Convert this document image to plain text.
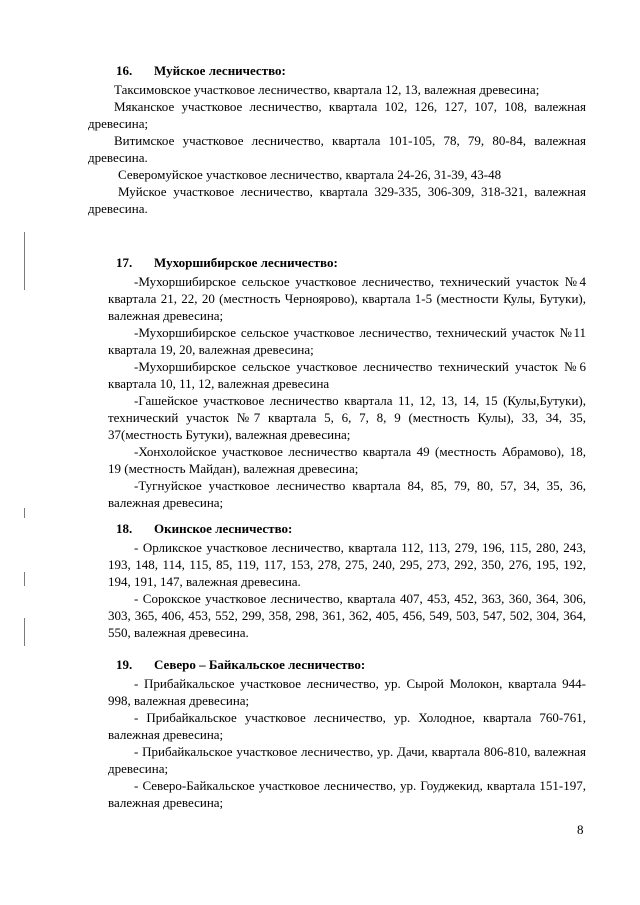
16. Муйское лесничество:

Таксимовское участковое лесничество, квартала 12, 13, валежная древесина;

Мяканское участковое лесничество, квартала 102, 126, 127, 107, 108, валежная древесина;

Витимское участковое лесничество, квартала 101-105, 78, 79, 80-84, валежная древесина.

Северомуйское участковое лесничество, квартала 24-26, 31-39, 43-48

Муйское участковое лесничество, квартала 329-335, 306-309, 318-321, валежная древесина.

17. Мухоршибирское лесничество:

-Мухоршибирское сельское участковое лесничество, технический участок №4 квартала 21, 22, 20 (местность Черноярово), квартала 1-5 (местности Кулы, Бутуки), валежная древесина;

-Мухоршибирское сельское участковое лесничество, технический участок №11 квартала 19, 20, валежная древесина;

-Мухоршибирское сельское участковое лесничество технический участок №6 квартала 10, 11, 12, валежная древесина

-Гашейское участковое лесничество квартала 11, 12, 13, 14, 15 (Кулы,Бутуки), технический участок №7 квартала 5, 6, 7, 8, 9 (местность Кулы), 33, 34, 35, 37(местность Бутуки), валежная древесина;

-Хонхолойское участковое лесничество квартала 49 (местность Абрамово), 18, 19 (местность Майдан), валежная древесина;

-Тугнуйское участковое лесничество квартала 84, 85, 79, 80, 57, 34, 35, 36, валежная древесина;

18. Окинское лесничество:

- Орликское участковое лесничество, квартала 112, 113, 279, 196, 115, 280, 243, 193, 148, 114, 115, 85, 119, 117, 153, 278, 275, 240, 295, 273, 292, 350, 276, 195, 192, 194, 191, 147, валежная древесина.

- Сорокское участковое лесничество, квартала 407, 453, 452, 363, 360, 364, 306, 303, 365, 406, 453, 552, 299, 358, 298, 361, 362, 405, 456, 549, 503, 547, 502, 304, 364, 550, валежная древесина.

19. Северо – Байкальское лесничество:

- Прибайкальское участковое лесничество, ур. Сырой Молокон, квартала 944-998, валежная древесина;

- Прибайкальское участковое лесничество, ур. Холодное, квартала 760-761, валежная древесина;

- Прибайкальское участковое лесничество, ур. Дачи, квартала 806-810, валежная древесина;

- Северо-Байкальское участковое лесничество, ур. Гоуджекид, квартала 151-197, валежная древесина;

8
